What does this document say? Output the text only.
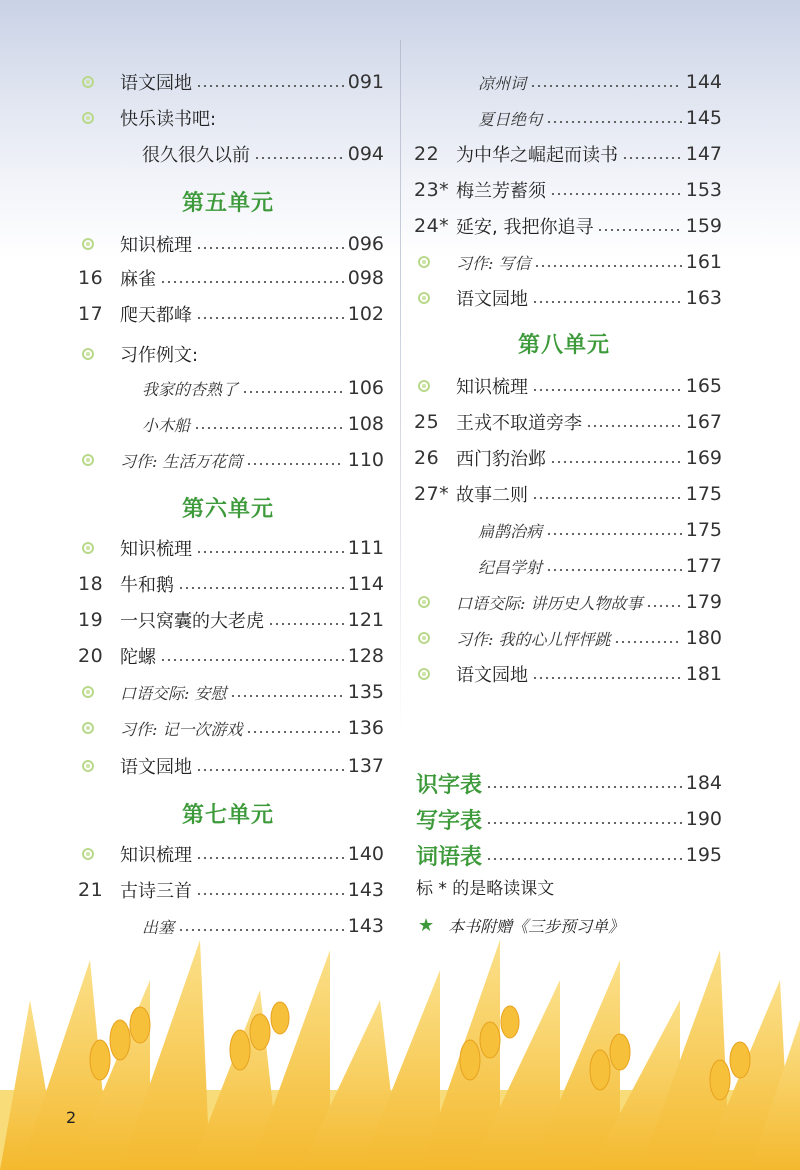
语文园地	091
快乐读书吧:
很久很久以前	094
第五单元
知识梳理	096
16 麻雀	098
17 爬天都峰	102
习作例文:
我家的杏熟了	106
小木船	108
习作: 生活万花筒	110
第六单元
知识梳理	111
18 牛和鹅	114
19 一只窝囊的大老虎	121
20 陀螺	128
口语交际: 安慰	135
习作: 记一次游戏	136
语文园地	137
第七单元
知识梳理	140
21 古诗三首	143
出塞	143
凉州词	144
夏日绝句	145
22 为中华之崛起而读书	147
23* 梅兰芳蓄须	153
24* 延安, 我把你追寻	159
习作: 写信	161
语文园地	163
第八单元
知识梳理	165
25 王戎不取道旁李	167
26 西门豹治邺	169
27* 故事二则	175
扁鹊治病	175
纪昌学射	177
口语交际: 讲历史人物故事 179
习作: 我的心儿怦怦跳	180
语文园地	181
识字表	184
写字表	190
词语表	195
标 * 的是略读课文
★ 本书附赠《三步预习单》
2
